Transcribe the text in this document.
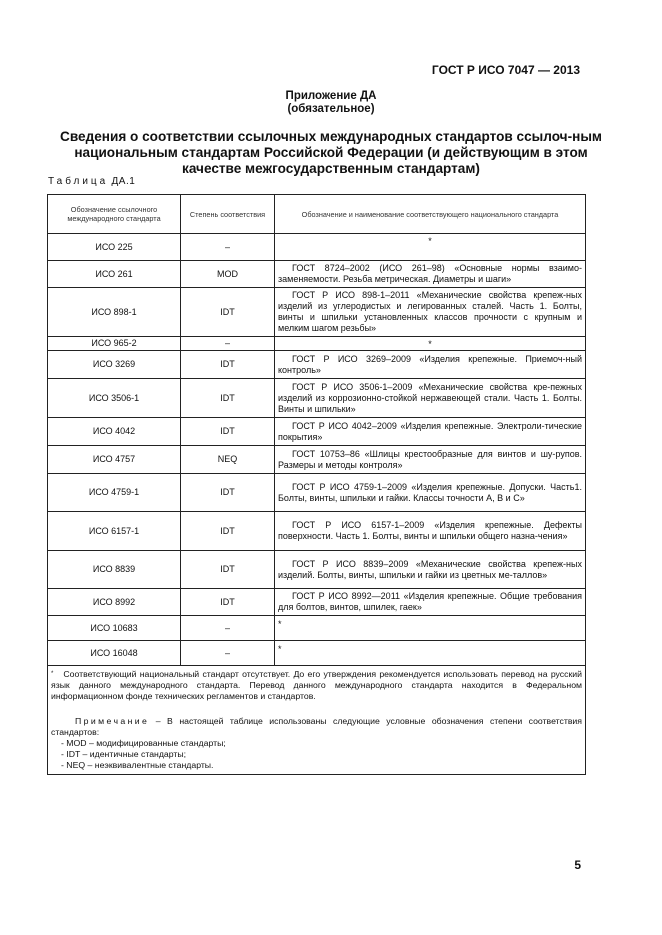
ГОСТ Р ИСО 7047 — 2013
Приложение ДА
(обязательное)
Сведения о соответствии ссылочных международных стандартов ссылоч-ным национальным стандартам Российской Федерации (и действующим в этом качестве межгосударственным стандартам)
Таблица ДА.1
Обозначение ссылочного международного стандарта	Степень соответствия	Обозначение и наименование соответствующего национального стандарта
ИСО 225	–	*
ИСО 261	MOD	ГОСТ 8724–2002 (ИСО 261–98) «Основные нормы взаимо-заменяемости. Резьба метрическая. Диаметры и шаги»

ИСО 898-1	IDT	ГОСТ Р ИСО 898-1–2011 «Механические свойства крепеж-ных изделий из углеродистых и легированных сталей. Часть 1. Болты, винты и шпильки установленных классов прочности с крупным и мелким шагом резьбы»

ИСО 965-2	–	*
ИСО 3269	IDT	ГОСТ Р ИСО 3269–2009 «Изделия крепежные. Приемоч-ный контроль»

ИСО 3506-1	IDT	ГОСТ Р ИСО 3506-1–2009 «Механические свойства кре-пежных изделий из коррозионно-стойкой нержавеющей стали. Часть 1. Болты. Винты и шпильки»

ИСО 4042	IDT	ГОСТ Р ИСО 4042–2009 «Изделия крепежные. Электроли-тические покрытия»

ИСО 4757	NEQ	ГОСТ 10753–86 «Шлицы крестообразные для винтов и шу-рупов. Размеры и методы контроля»

ИСО 4759-1	IDT	ГОСТ Р ИСО 4759-1–2009 «Изделия крепежные. Допуски. Часть1. Болты, винты, шпильки и гайки. Классы точности А, В и С»

ИСО 6157-1	IDT	ГОСТ Р ИСО 6157-1–2009 «Изделия крепежные. Дефекты поверхности. Часть 1. Болты, винты и шпильки общего назна-чения»

ИСО 8839	IDT	ГОСТ Р ИСО 8839–2009 «Механические свойства крепеж-ных изделий. Болты, винты, шпильки и гайки из цветных ме-таллов»

ИСО 8992	IDT	ГОСТ Р ИСО 8992—2011 «Изделия крепежные. Общие требования для болтов, винтов, шпилек, гаек»

ИСО 10683	–	*
ИСО 16048	–	*

* Соответствующий национальный стандарт отсутствует. До его утверждения рекомендуется использовать перевод на русский язык данного международного стандарта. Перевод данного международного стандарта находится в Федеральном информационном фонде технических регламентов и стандартов.
Примечание – В настоящей таблице использованы следующие условные обозначения степени соответствия стандартов:
- MOD – модифицированные стандарты;
- IDT – идентичные стандарты;
- NEQ – неэквивалентные стандарты.		
5
